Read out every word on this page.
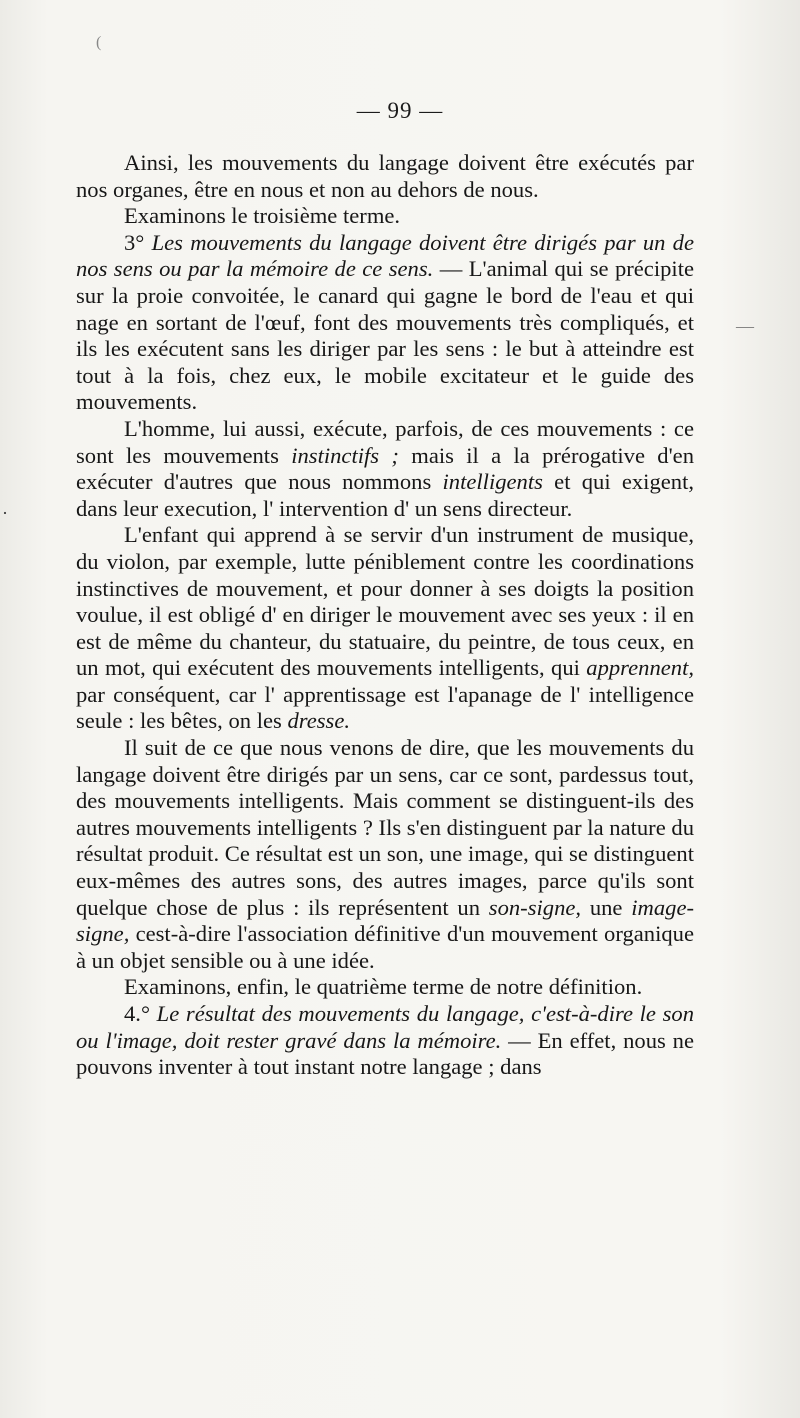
(
·
—
— 99 —

Ainsi, les mouvements du langage doivent être exécutés par nos organes, être en nous et non au dehors de nous.

Examinons le troisième terme.

3° Les mouvements du langage doivent être dirigés par un de nos sens ou par la mémoire de ce sens. — L'animal qui se précipite sur la proie convoitée, le canard qui gagne le bord de l'eau et qui nage en sortant de l'œuf, font des mouvements très compliqués, et ils les exécutent sans les diriger par les sens : le but à atteindre est tout à la fois, chez eux, le mobile excitateur et le guide des mouvements.

L'homme, lui aussi, exécute, parfois, de ces mouvements : ce sont les mouvements instinctifs ; mais il a la prérogative d'en exécuter d'autres que nous nommons intelligents et qui exigent, dans leur execution, l' intervention d' un sens directeur.

L'enfant qui apprend à se servir d'un instrument de musique, du violon, par exemple, lutte péniblement contre les coordinations instinctives de mouvement, et pour donner à ses doigts la position voulue, il est obligé d' en diriger le mouvement avec ses yeux : il en est de même du chanteur, du statuaire, du peintre, de tous ceux, en un mot, qui exécutent des mouvements intelligents, qui apprennent, par conséquent, car l' apprentissage est l'apanage de l' intelligence seule : les bêtes, on les dresse.

Il suit de ce que nous venons de dire, que les mouvements du langage doivent être dirigés par un sens, car ce sont, pardessus tout, des mouvements intelligents. Mais comment se distinguent-ils des autres mouvements intelligents ? Ils s'en distinguent par la nature du résultat produit. Ce résultat est un son, une image, qui se distinguent eux-mêmes des autres sons, des autres images, parce qu'ils sont quelque chose de plus : ils représentent un son-signe, une image-signe, cest-à-dire l'association définitive d'un mouvement organique à un objet sensible ou à une idée.

Examinons, enfin, le quatrième terme de notre définition.

4.° Le résultat des mouvements du langage, c'est-à-dire le son ou l'image, doit rester gravé dans la mémoire. — En effet, nous ne pouvons inventer à tout instant notre langage ; dans
